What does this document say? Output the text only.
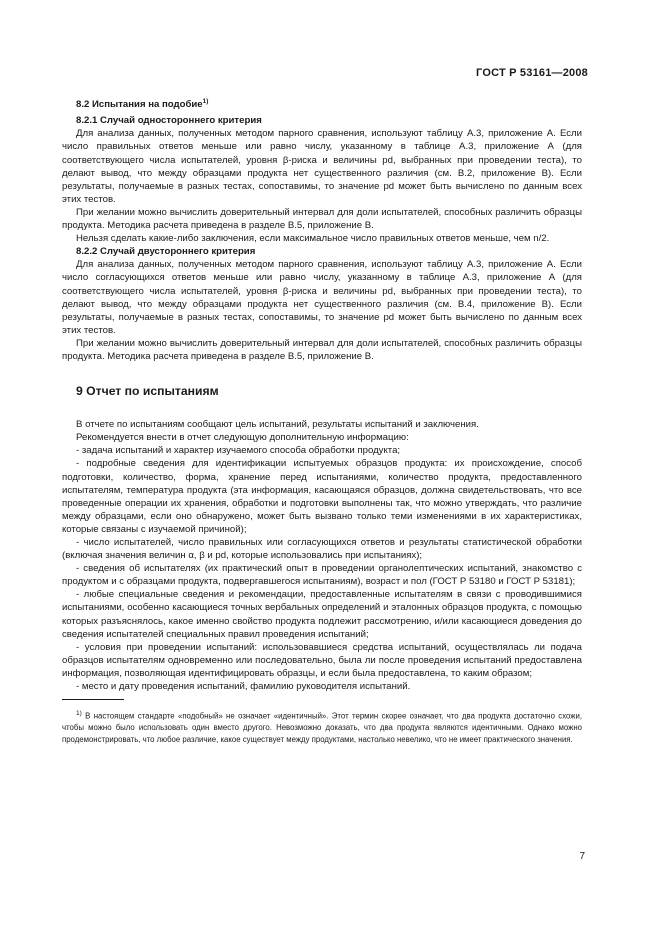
ГОСТ Р 53161—2008

8.2 Испытания на подобие$^{1)}$

8.2.1 Случай одностороннего критерия

Для анализа данных, полученных методом парного сравнения, используют таблицу А.3, приложение А. Если число правильных ответов меньше или равно числу, указанному в таблице А.3, приложение А (для соответствующего числа испытателей, уровня β-риска и величины pd, выбранных при проведении теста), то делают вывод, что между образцами продукта нет существенного различия (см. В.2, приложение В). Если результаты, получаемые в разных тестах, сопоставимы, то значение pd может быть вычислено по данным всех этих тестов.

При желании можно вычислить доверительный интервал для доли испытателей, способных различить образцы продукта. Методика расчета приведена в разделе В.5, приложение В.

Нельзя сделать какие-либо заключения, если максимальное число правильных ответов меньше, чем n/2.

8.2.2 Случай двустороннего критерия

Для анализа данных, полученных методом парного сравнения, используют таблицу А.3, приложение А. Если число согласующихся ответов меньше или равно числу, указанному в таблице А.3, приложение А (для соответствующего числа испытателей, уровня β-риска и величины pd, выбранных при проведении теста), то делают вывод, что между образцами продукта нет существенного различия (см. В.4, приложение В). Если результаты, получаемые в разных тестах, сопоставимы, то значение pd может быть вычислено по данным всех этих тестов.

При желании можно вычислить доверительный интервал для доли испытателей, способных различить образцы продукта. Методика расчета приведена в разделе В.5, приложение В.

9 Отчет по испытаниям

В отчете по испытаниям сообщают цель испытаний, результаты испытаний и заключения.

Рекомендуется внести в отчет следующую дополнительную информацию:

- задача испытаний и характер изучаемого способа обработки продукта;

- подробные сведения для идентификации испытуемых образцов продукта: их происхождение, способ подготовки, количество, форма, хранение перед испытаниями, количество продукта, предоставленного испытателям, температура продукта (эта информация, касающаяся образцов, должна свидетельствовать, что все проведенные операции их хранения, обработки и подготовки выполнены так, что можно утверждать, что различие между образцами, если оно обнаружено, может быть вызвано только теми изменениями в их характеристиках, которые связаны с изучаемой причиной);

- число испытателей, число правильных или согласующихся ответов и результаты статистической обработки (включая значения величин α, β и pd, которые использовались при испытаниях);

- сведения об испытателях (их практический опыт в проведении органолептических испытаний, знакомство с продуктом и с образцами продукта, подвергавшегося испытаниям), возраст и пол (ГОСТ Р 53180 и ГОСТ Р 53181);

- любые специальные сведения и рекомендации, предоставленные испытателям в связи с проводившимися испытаниями, особенно касающиеся точных вербальных определений и эталонных образцов продукта, с помощью которых разъяснялось, какое именно свойство продукта подлежит рассмотрению, и/или касающиеся доведения до сведения испытателей специальных правил проведения испытаний;

- условия при проведении испытаний: использовавшиеся средства испытаний, осуществлялась ли подача образцов испытателям одновременно или последовательно, была ли после проведения испытаний предоставлена информация, позволяющая идентифицировать образцы, и если была предоставлена, то каким образом;

- место и дату проведения испытаний, фамилию руководителя испытаний.

$^{1)}$ В настоящем стандарте «подобный» не означает «идентичный». Этот термин скорее означает, что два продукта достаточно схожи, чтобы можно было использовать один вместо другого. Невозможно доказать, что два продукта являются идентичными. Однако можно продемонстрировать, что любое различие, какое существует между продуктами, настолько невелико, что не имеет практического значения.

7
